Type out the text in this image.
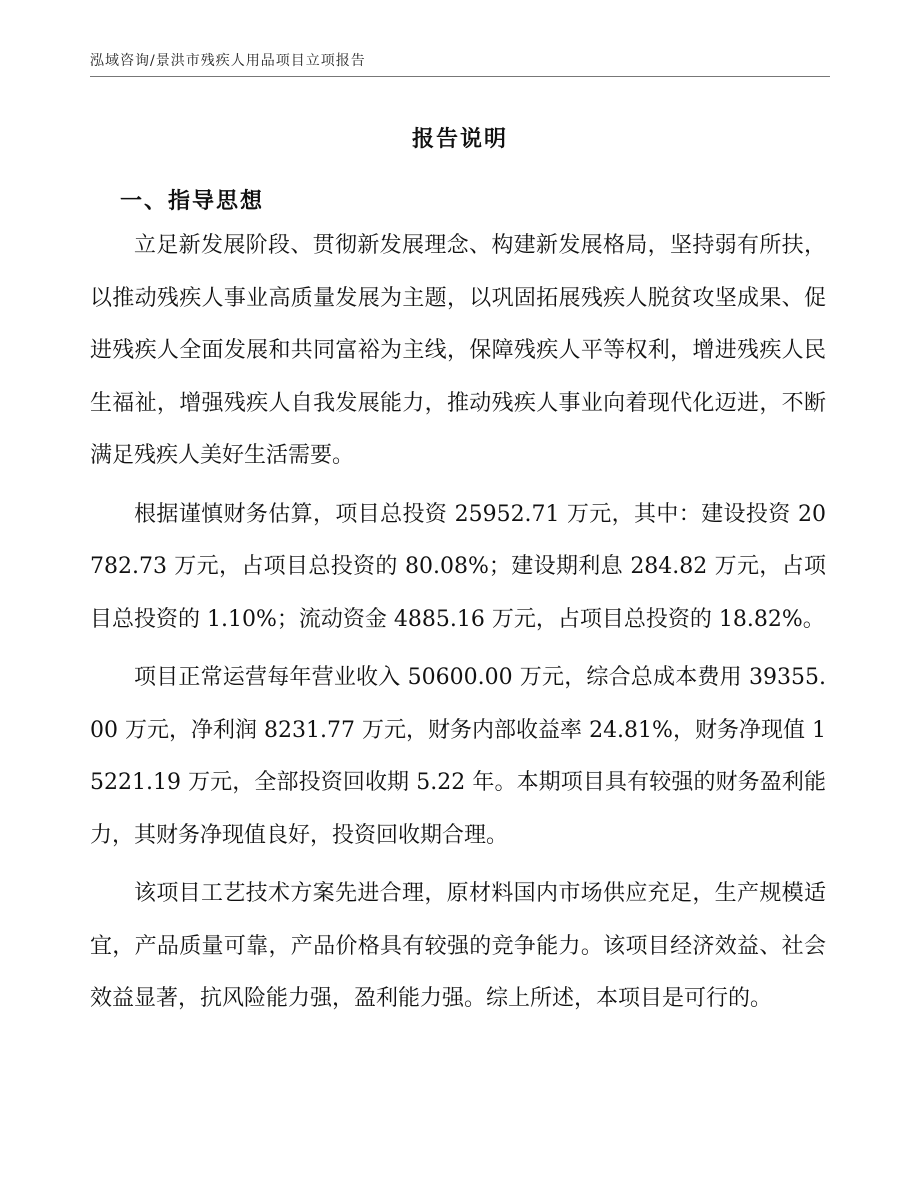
泓域咨询/景洪市残疾人用品项目立项报告
报告说明
一、指导思想

立足新发展阶段、贯彻新发展理念、构建新发展格局，坚持弱有所扶，以推动残疾人事业高质量发展为主题，以巩固拓展残疾人脱贫攻坚成果、促进残疾人全面发展和共同富裕为主线，保障残疾人平等权利，增进残疾人民生福祉，增强残疾人自我发展能力，推动残疾人事业向着现代化迈进，不断满足残疾人美好生活需要。

根据谨慎财务估算，项目总投资 25952.71 万元，其中：建设投资 20782.73 万元，占项目总投资的 80.08%；建设期利息 284.82 万元，占项目总投资的 1.10%；流动资金 4885.16 万元，占项目总投资的 18.82%。

项目正常运营每年营业收入 50600.00 万元，综合总成本费用 39355.00 万元，净利润 8231.77 万元，财务内部收益率 24.81%，财务净现值 15221.19 万元，全部投资回收期 5.22 年。本期项目具有较强的财务盈利能力，其财务净现值良好，投资回收期合理。

该项目工艺技术方案先进合理，原材料国内市场供应充足，生产规模适宜，产品质量可靠，产品价格具有较强的竞争能力。该项目经济效益、社会效益显著，抗风险能力强，盈利能力强。综上所述，本项目是可行的。
